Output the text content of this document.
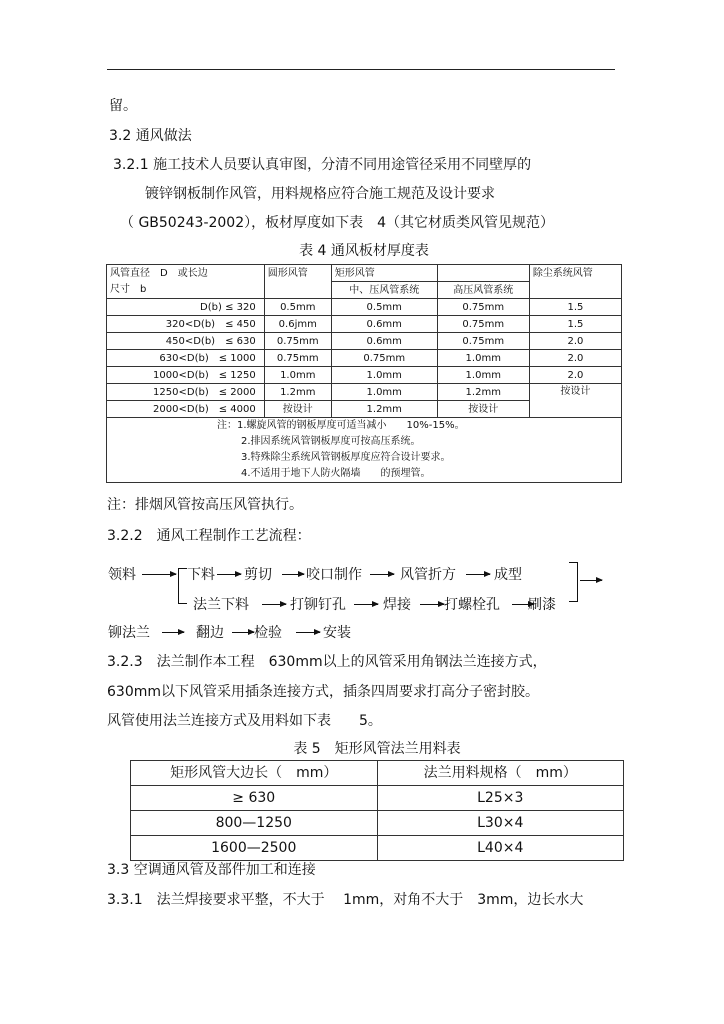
留。
3.2 通风做法
3.2.1 施工技术人员要认真审图，分清不同用途管径采用不同壁厚的
镀锌钢板制作风管，用料规格应符合施工规范及设计要求
（ GB50243-2002），板材厚度如下表　4（其它材质类风管见规范）
表 4 通风板材厚度表
风管直径　D　或长边	圆形风管	矩形风管		除尘系统风管
尺寸　b		中、压风管系统	高压风管系统	
D(b) ≤ 320	0.5mm	0.5mm	0.75mm	1.5
320<D(b)　≤ 450	0.6jmm	0.6mm	0.75mm	1.5
450<D(b)　≤ 630	0.75mm	0.6mm	0.75mm	2.0
630<D(b)　≤ 1000	0.75mm	0.75mm	1.0mm	2.0
1000<D(b)　≤ 1250	1.0mm	1.0mm	1.0mm	2.0
1250<D(b)　≤ 2000	1.2mm	1.0mm	1.2mm	按设计
2000<D(b)　≤ 4000	按设计	1.2mm	按设计	

注：1.螺旋风管的钢板厚度可适当减小　　10%-15%。
2.排因系统风管钢板厚度可按高压系统。
3.特殊除尘系统风管钢板厚度应符合设计要求。
4.不适用于地下人防火隔墙　　的预埋管。				
注：排烟风管按高压风管执行。
3.2.2　通风工程制作工艺流程：
领料	下料 剪切 咬口制作	风管折方	成型
法兰下料	打铆钉孔	焊接 打螺栓孔 刷漆
铆法兰	翻边 检验	安装
3.2.3　法兰制作本工程　630mm以上的风管采用角钢法兰连接方式，
630mm以下风管采用插条连接方式，插条四周要求打高分子密封胶。
风管使用法兰连接方式及用料如下表　　5。
表 5　矩形风管法兰用料表
矩形风管大边长（　mm）	法兰用料规格（　mm）
≥ 630	L25×3
800—1250	L30×4
1600—2500	L40×4
3.3 空调通风管及部件加工和连接
3.3.1　法兰焊接要求平整，不大于　 1mm，对角不大于　3mm，边长水大
